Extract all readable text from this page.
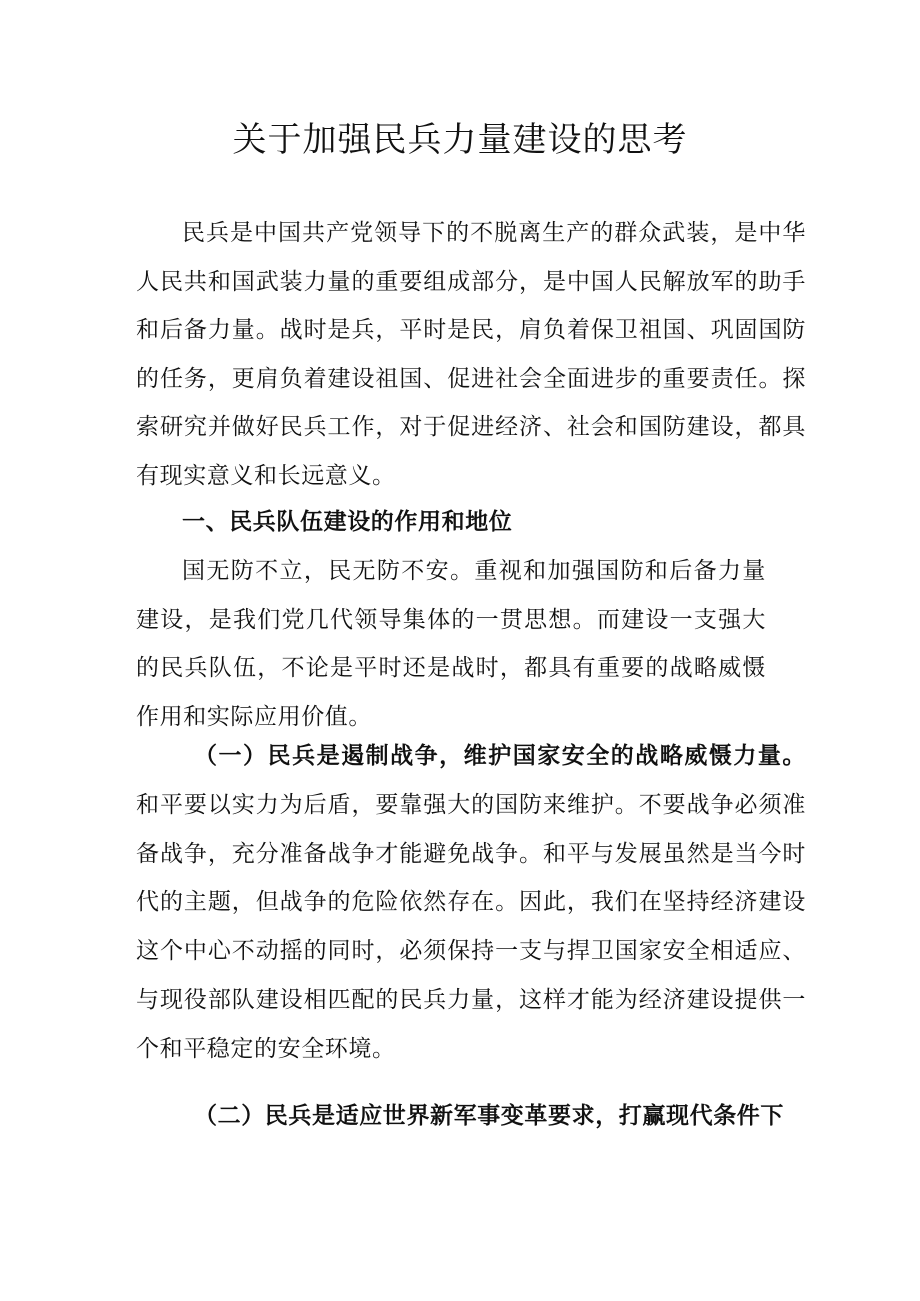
关于加强民兵力量建设的思考

民兵是中国共产党领导下的不脱离生产的群众武装，是中华人民共和国武装力量的重要组成部分，是中国人民解放军的助手和后备力量。战时是兵，平时是民，肩负着保卫祖国、巩固国防的任务，更肩负着建设祖国、促进社会全面进步的重要责任。探索研究并做好民兵工作，对于促进经济、社会和国防建设，都具有现实意义和长远意义。

一、民兵队伍建设的作用和地位

国无防不立，民无防不安。重视和加强国防和后备力量建设，是我们党几代领导集体的一贯思想。而建设一支强大的民兵队伍，不论是平时还是战时，都具有重要的战略威慑作用和实际应用价值。

（一）民兵是遏制战争，维护国家安全的战略威慑力量。和平要以实力为后盾，要靠强大的国防来维护。不要战争必须准备战争，充分准备战争才能避免战争。和平与发展虽然是当今时代的主题，但战争的危险依然存在。因此，我们在坚持经济建设这个中心不动摇的同时，必须保持一支与捍卫国家安全相适应、与现役部队建设相匹配的民兵力量，这样才能为经济建设提供一个和平稳定的安全环境。

（二）民兵是适应世界新军事变革要求，打赢现代条件下
